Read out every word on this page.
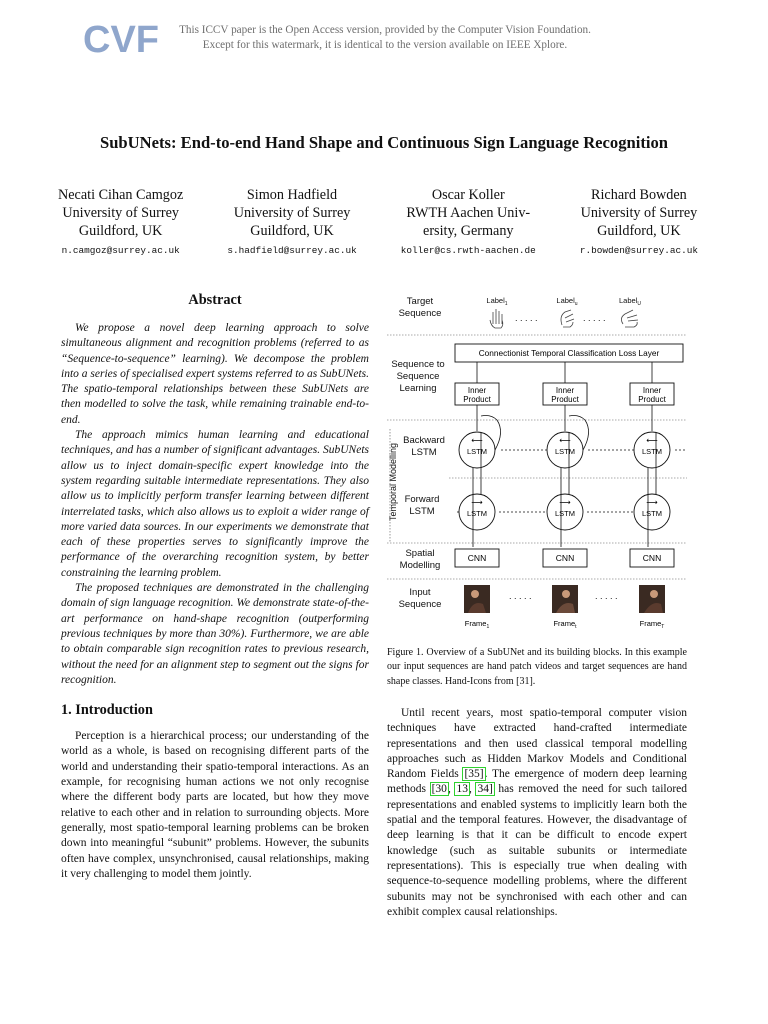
CVF	This ICCV paper is the Open Access version, provided by the Computer Vision Foundation.
Except for this watermark, it is identical to the version available on IEEE Xplore.
SubUNets: End-to-end Hand Shape and Continuous Sign Language Recognition
Necati Cihan Camgoz
University of Surrey
Guildford, UK
n.camgoz@surrey.ac.uk
Simon Hadfield
University of Surrey
Guildford, UK
s.hadfield@surrey.ac.uk
Oscar Koller
RWTH Aachen Univ-
ersity, Germany
koller@cs.rwth-aachen.de
Richard Bowden
University of Surrey
Guildford, UK
r.bowden@surrey.ac.uk
Abstract

We propose a novel deep learning approach to solve simultaneous alignment and recognition problems (referred to as “Sequence-to-sequence” learning). We decompose the problem into a series of specialised expert systems referred to as SubUNets. The spatio-temporal relationships between these SubUNets are then modelled to solve the task, while remaining trainable end-to-end.

The approach mimics human learning and educational techniques, and has a number of significant advantages. SubUNets allow us to inject domain-specific expert knowledge into the system regarding suitable intermediate representations. They also allow us to implicitly perform transfer learning between different interrelated tasks, which also allows us to exploit a wider range of more varied data sources. In our experiments we demonstrate that each of these properties serves to significantly improve the performance of the overarching recognition system, by better constraining the learning problem.

The proposed techniques are demonstrated in the challenging domain of sign language recognition. We demonstrate state-of-the-art performance on hand-shape recognition (outperforming previous techniques by more than 30%). Furthermore, we are able to obtain comparable sign recognition rates to previous research, without the need for an alignment step to segment out the signs for recognition.

1. Introduction

Perception is a hierarchical process; our understanding of the world as a whole, is based on recognising different parts of the world and understanding their spatio-temporal interactions. As an example, for recognising human actions we not only recognise where the different body parts are located, but how they move relative to each other and in relation to surrounding objects. More generally, most spatio-temporal learning problems can be broken down into meaningful “subunit” problems. However, the subunits often have complex, unsynchronised, causal relationships, making it very challenging to model them jointly.

Target Sequence
Sequence to Sequence Learning
Backward LSTM
Forward LSTM
Spatial Modelling
Input Sequence
Temporal Modelling
Label$_1$	Label$_u$	Label$_U$
. . . . .	. . . . .
Connectionist Temporal Classification Loss Layer
Inner Product
⟵
LSTM
⟶
LSTM
CNN
Frame$_1$
Inner Product
⟵
LSTM
⟶
LSTM
CNN
Frame$_t$
Inner Product
⟵
LSTM
⟶
LSTM
CNN
Frame$_T$
. . . . .	. . . . .
Figure 1. Overview of a SubUNet and its building blocks. In this example our input sequences are hand patch videos and target sequences are hand shape classes. Hand-Icons from [31].

Until recent years, most spatio-temporal computer vision techniques have extracted hand-crafted intermediate representations and then used classical temporal modelling approaches such as Hidden Markov Models and Conditional Random Fields [35]. The emergence of modern deep learning methods [30, 13, 34] has removed the need for such tailored representations and enabled systems to implicitly learn both the spatial and the temporal features. However, the disadvantage of deep learning is that it can be difficult to encode expert knowledge (such as suitable subunits or intermediate representations). This is especially true when dealing with sequence-to-sequence modelling problems, where the different subunits may not be synchronised with each other and can exhibit complex causal relationships.
